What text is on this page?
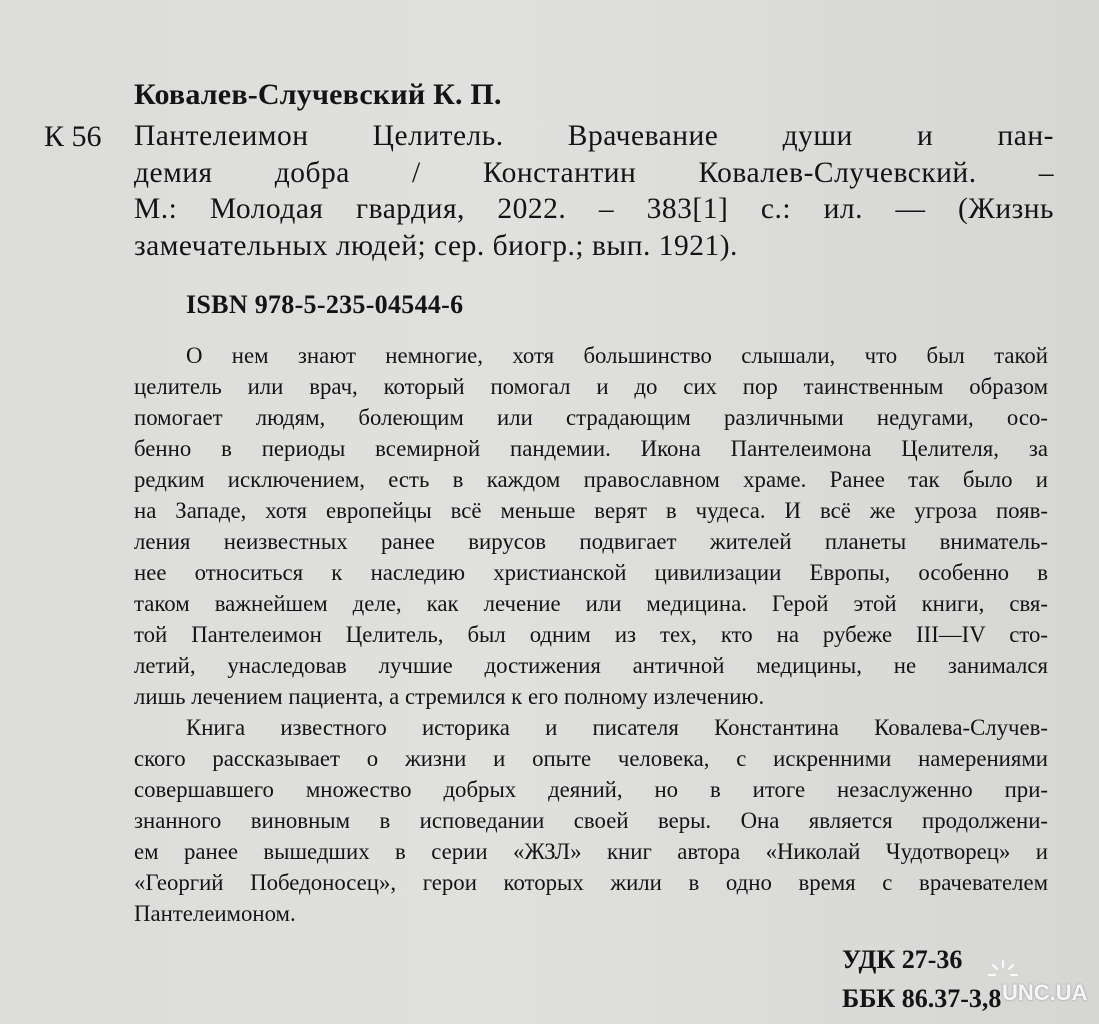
Ковалев-Случевский К. П.
К 56 Пантелеимон Целитель. Врачевание души и пан-
демия добра / Константин Ковалев-Случевский. –
М.: Молодая гвардия, 2022. – 383[1] с.: ил. — (Жизнь
замечательных людей; сер. биогр.; вып. 1921).
ISBN 978-5-235-04544-6
О нем знают немногие, хотя большинство слышали, что был такой
целитель или врач, который помогал и до сих пор таинственным образом
помогает людям, болеющим или страдающим различными недугами, осо-
бенно в периоды всемирной пандемии. Икона Пантелеимона Целителя, за
редким исключением, есть в каждом православном храме. Ранее так было и
на Западе, хотя европейцы всё меньше верят в чудеса. И всё же угроза появ-
ления неизвестных ранее вирусов подвигает жителей планеты вниматель-
нее относиться к наследию христианской цивилизации Европы, особенно в
таком важнейшем деле, как лечение или медицина. Герой этой книги, свя-
той Пантелеимон Целитель, был одним из тех, кто на рубеже III—IV сто-
летий, унаследовав лучшие достижения античной медицины, не занимался
лишь лечением пациента, а стремился к его полному излечению.
Книга известного историка и писателя Константина Ковалева-Случев-
ского рассказывает о жизни и опыте человека, с искренними намерениями
совершавшего множество добрых деяний, но в итоге незаслуженно при-
знанного виновным в исповедании своей веры. Она является продолжени-
ем ранее вышедших в серии «ЖЗЛ» книг автора «Николай Чудотворец» и
«Георгий Победоносец», герои которых жили в одно время с врачевателем
Пантелеимоном.
УДК 27-36
ББК 86.37-3,8 UNC.UA
